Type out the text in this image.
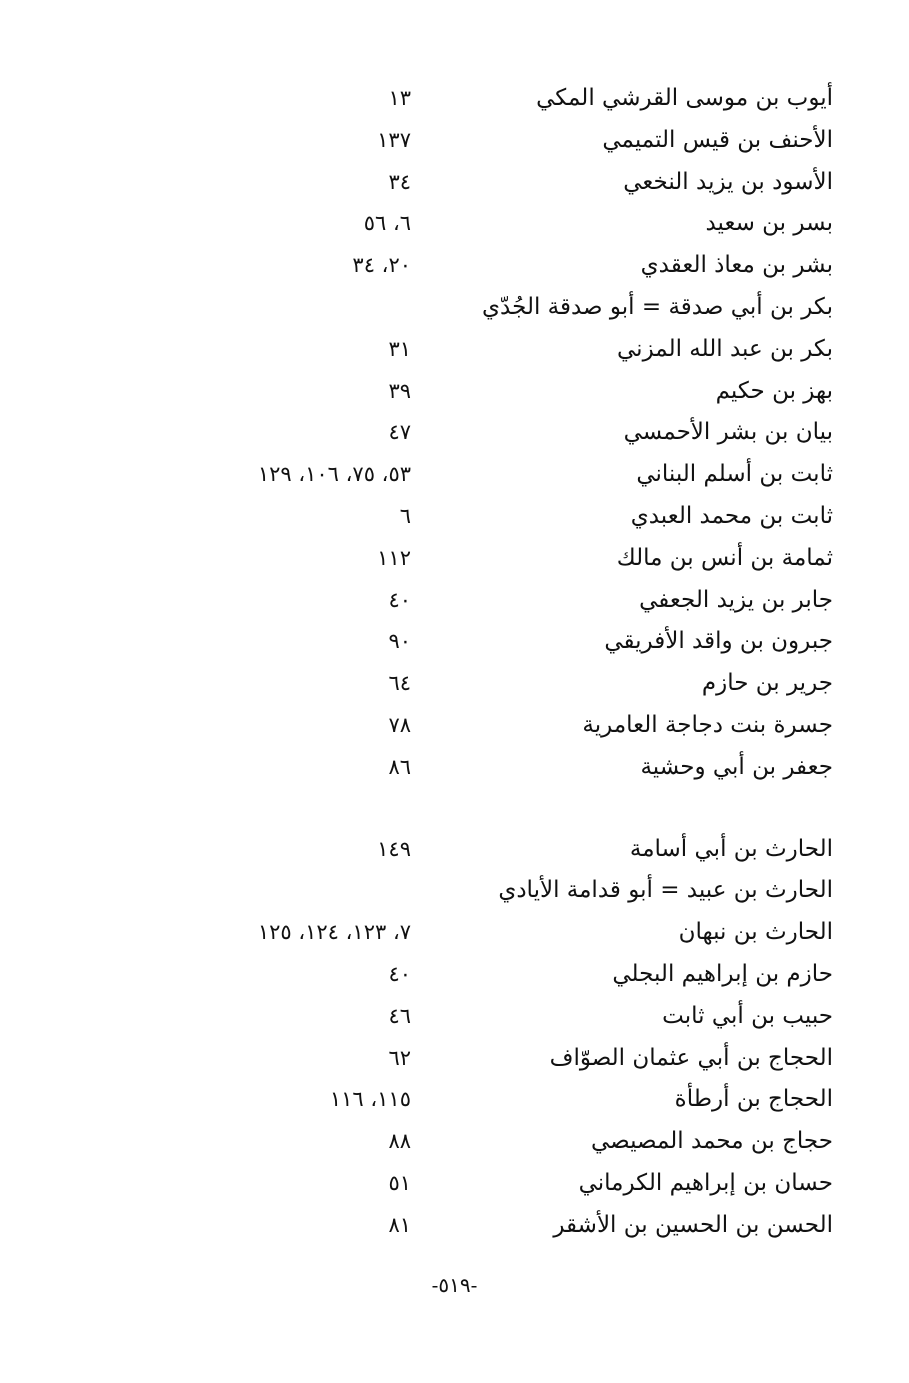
أيوب بن موسى القرشي المكي
١٣
الأحنف بن قيس التميمي
١٣٧
الأسود بن يزيد النخعي
٣٤
بسر بن سعيد
٦، ٥٦
بشر بن معاذ العقدي
٢٠، ٣٤
بكر بن أبي صدقة = أبو صدقة الجُدّي
بكر بن عبد الله المزني
٣١
بهز بن حكيم
٣٩
بيان بن بشر الأحمسي
٤٧
ثابت بن أسلم البناني
٥٣، ٧٥، ١٠٦، ١٢٩
ثابت بن محمد العبدي
٦
ثمامة بن أنس بن مالك
١١٢
جابر بن يزيد الجعفي
٤٠
جبرون بن واقد الأفريقي
٩٠
جرير بن حازم
٦٤
جسرة بنت دجاجة العامرية
٧٨
جعفر بن أبي وحشية
٨٦
الحارث بن أبي أسامة
١٤٩
الحارث بن عبيد = أبو قدامة الأيادي
الحارث بن نبهان
٧، ١٢٣، ١٢٤، ١٢٥
حازم بن إبراهيم البجلي
٤٠
حبيب بن أبي ثابت
٤٦
الحجاج بن أبي عثمان الصوّاف
٦٢
الحجاج بن أرطأة
١١٥، ١١٦
حجاج بن محمد المصيصي
٨٨
حسان بن إبراهيم الكرماني
٥١
الحسن بن الحسين بن الأشقر
٨١
-٥١٩-
